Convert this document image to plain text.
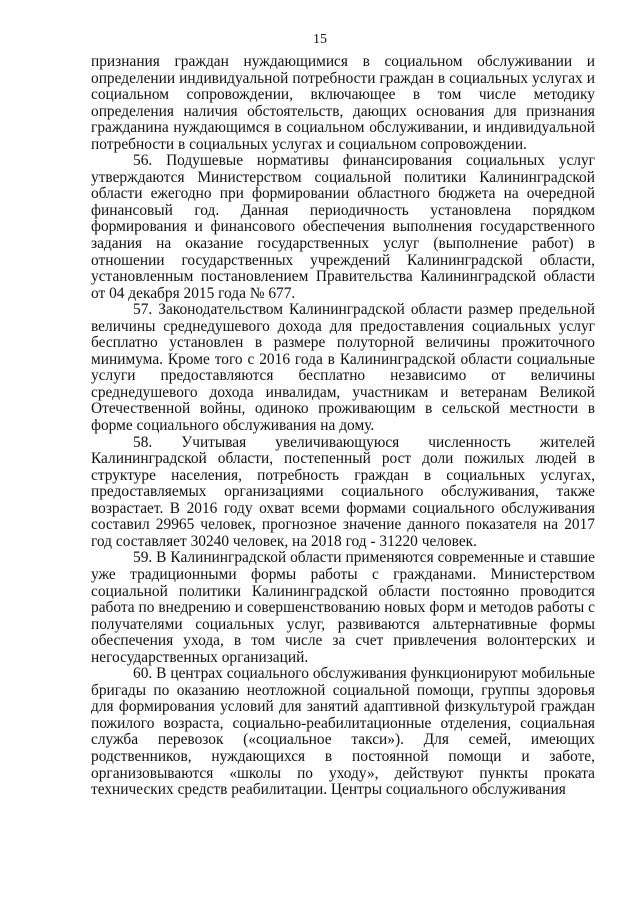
15

признания граждан нуждающимися в социальном обслуживании и определении индивидуальной потребности граждан в социальных услугах и социальном сопровождении, включающее в том числе методику определения наличия обстоятельств, дающих основания для признания гражданина нуждающимся в социальном обслуживании, и индивидуальной потребности в социальных услугах и социальном сопровождении.

56. Подушевые нормативы финансирования социальных услуг утверждаются Министерством социальной политики Калининградской области ежегодно при формировании областного бюджета на очередной финансовый год. Данная периодичность установлена порядком формирования и финансового обеспечения выполнения государственного задания на оказание государственных услуг (выполнение работ) в отношении государственных учреждений Калининградской области, установленным постановлением Правительства Калининградской области от 04 декабря 2015 года № 677.

57. Законодательством Калининградской области размер предельной величины среднедушевого дохода для предоставления социальных услуг бесплатно установлен в размере полуторной величины прожиточного минимума. Кроме того с 2016 года в Калининградской области социальные услуги предоставляются бесплатно независимо от величины среднедушевого дохода инвалидам, участникам и ветеранам Великой Отечественной войны, одиноко проживающим в сельской местности в форме социального обслуживания на дому.

58. Учитывая увеличивающуюся численность жителей Калининградской области, постепенный рост доли пожилых людей в структуре населения, потребность граждан в социальных услугах, предоставляемых организациями социального обслуживания, также возрастает. В 2016 году охват всеми формами социального обслуживания составил 29965 человек, прогнозное значение данного показателя на 2017 год составляет 30240 человек, на 2018 год - 31220 человек.

59. В Калининградской области применяются современные и ставшие уже традиционными формы работы с гражданами. Министерством социальной политики Калининградской области постоянно проводится работа по внедрению и совершенствованию новых форм и методов работы с получателями социальных услуг, развиваются альтернативные формы обеспечения ухода, в том числе за счет привлечения волонтерских и негосударственных организаций.

60. В центрах социального обслуживания функционируют мобильные бригады по оказанию неотложной социальной помощи, группы здоровья для формирования условий для занятий адаптивной физкультурой граждан пожилого возраста, социально-реабилитационные отделения, социальная служба перевозок («социальное такси»). Для семей, имеющих родственников, нуждающихся в постоянной помощи и заботе, организовываются «школы по уходу», действуют пункты проката технических средств реабилитации. Центры социального обслуживания
